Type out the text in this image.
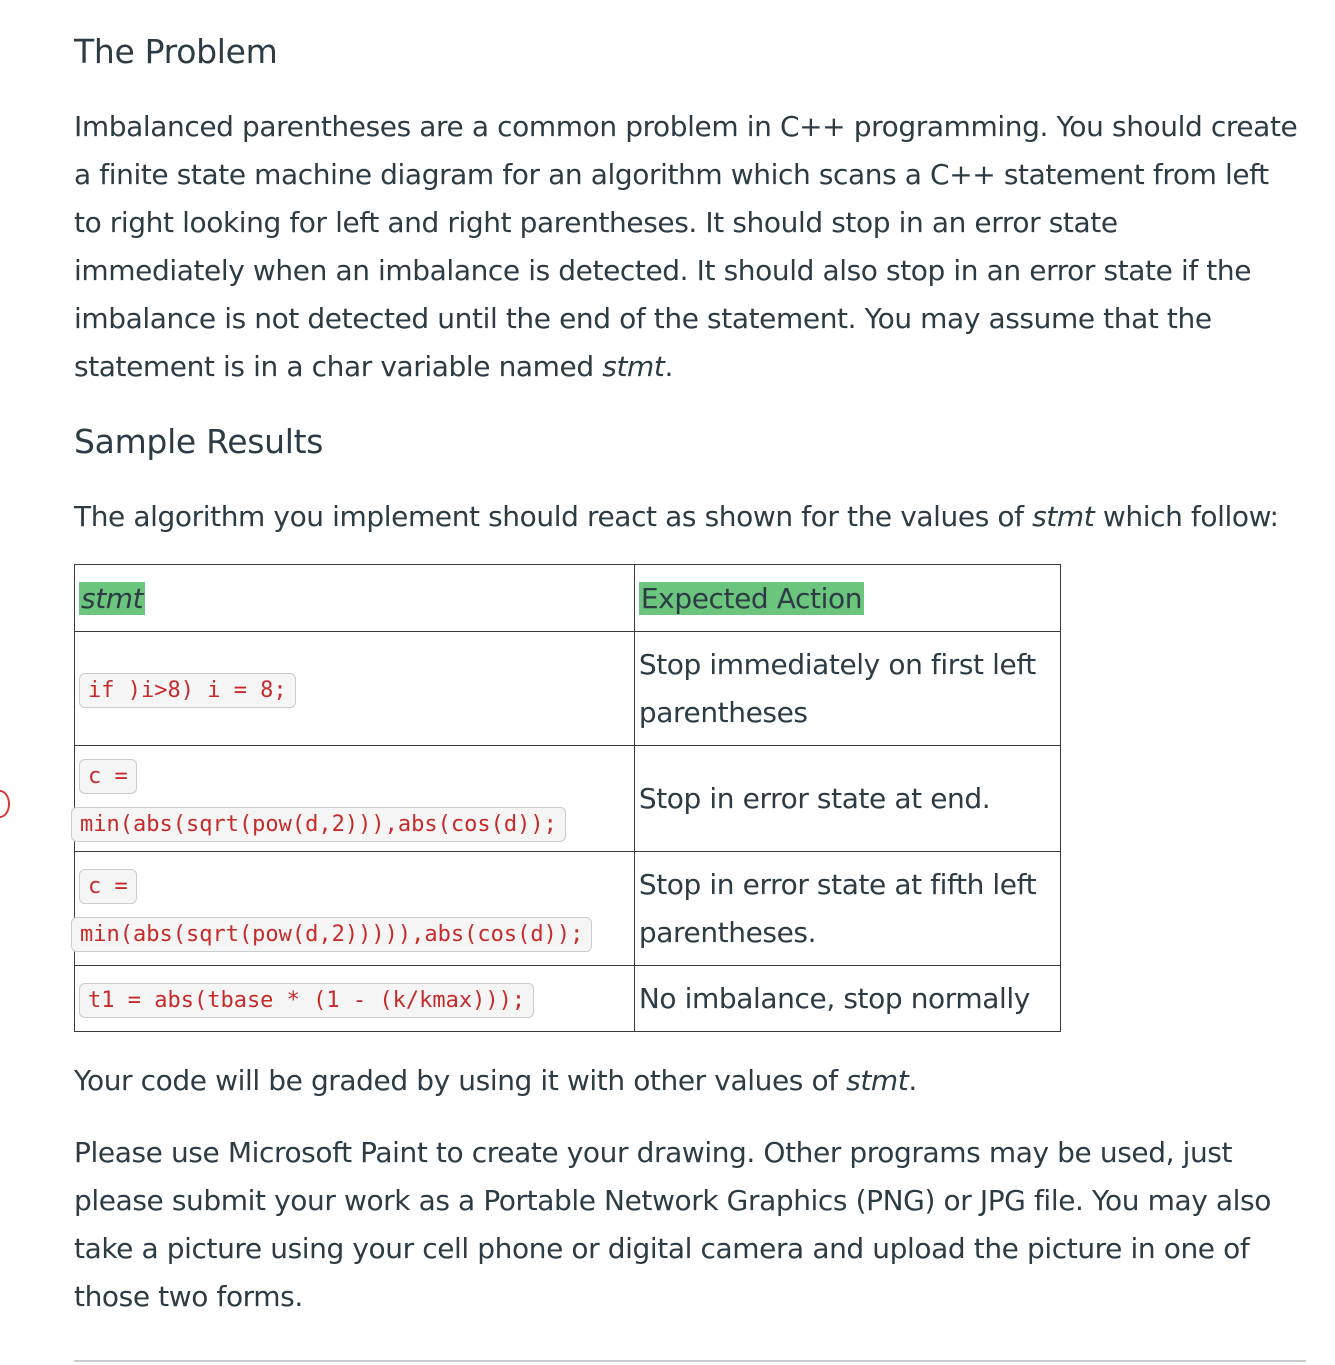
The Problem

Imbalanced parentheses are a common problem in C++ programming. You should create
a finite state machine diagram for an algorithm which scans a C++ statement from left
to right looking for left and right parentheses. It should stop in an error state
immediately when an imbalance is detected. It should also stop in an error state if the
imbalance is not detected until the end of the statement. You may assume that the
statement is in a char variable named stmt.

Sample Results

The algorithm you implement should react as shown for the values of stmt which follow:

stmt	Expected Action
if )i>8) i = 8;	Stop immediately on first left parentheses
c =
min(abs(sqrt(pow(d,2))),abs(cos(d));	Stop in error state at end.
c =
min(abs(sqrt(pow(d,2))))),abs(cos(d));	Stop in error state at fifth left parentheses.
t1 = abs(tbase * (1 - (k/kmax)));	No imbalance, stop normally

Your code will be graded by using it with other values of stmt.

Please use Microsoft Paint to create your drawing. Other programs may be used, just please submit your work as a Portable Network Graphics (PNG) or JPG file. You may also take a picture using your cell phone or digital camera and upload the picture in one of those two forms.
